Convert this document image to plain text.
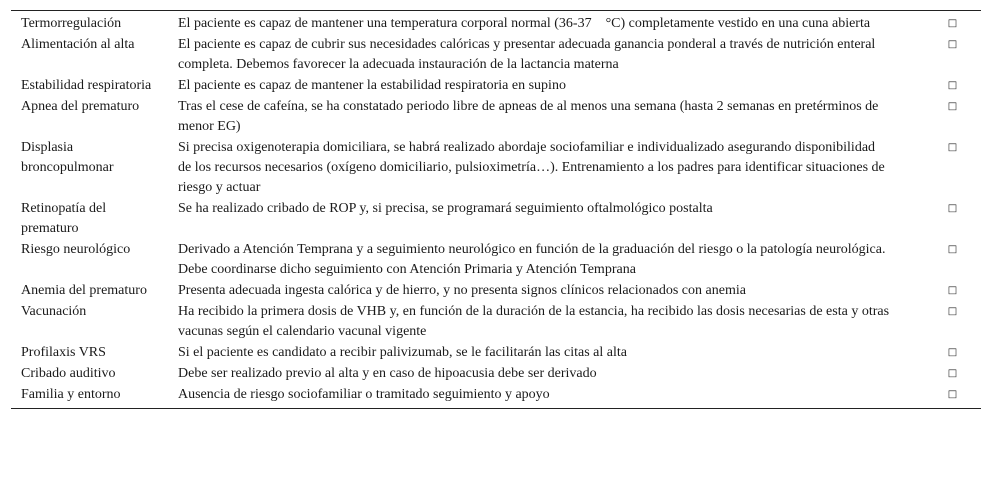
Termorregulación	El paciente es capaz de mantener una temperatura corporal normal (36-37 °C) completamente vestido en una cuna abierta	□
Alimentación al alta	El paciente es capaz de cubrir sus necesidades calóricas y presentar adecuada ganancia ponderal a través de nutrición enteral completa. Debemos favorecer la adecuada instauración de la lactancia materna	□
Estabilidad respiratoria	El paciente es capaz de mantener la estabilidad respiratoria en supino	□
Apnea del prematuro	Tras el cese de cafeína, se ha constatado periodo libre de apneas de al menos una semana (hasta 2 semanas en pretérminos de menor EG)	□
Displasia broncopulmonar	Si precisa oxigenoterapia domiciliara, se habrá realizado abordaje sociofamiliar e individualizado asegurando disponibilidad de los recursos necesarios (oxígeno domiciliario, pulsioximetría…). Entrenamiento a los padres para identificar situaciones de riesgo y actuar	□
Retinopatía del prematuro	Se ha realizado cribado de ROP y, si precisa, se programará seguimiento oftalmológico postalta	□
Riesgo neurológico	Derivado a Atención Temprana y a seguimiento neurológico en función de la graduación del riesgo o la patología neurológica. Debe coordinarse dicho seguimiento con Atención Primaria y Atención Temprana	□
Anemia del prematuro	Presenta adecuada ingesta calórica y de hierro, y no presenta signos clínicos relacionados con anemia	□
Vacunación	Ha recibido la primera dosis de VHB y, en función de la duración de la estancia, ha recibido las dosis necesarias de esta y otras vacunas según el calendario vacunal vigente	□
Profilaxis VRS	Si el paciente es candidato a recibir palivizumab, se le facilitarán las citas al alta	□
Cribado auditivo	Debe ser realizado previo al alta y en caso de hipoacusia debe ser derivado	□
Familia y entorno	Ausencia de riesgo sociofamiliar o tramitado seguimiento y apoyo	□
